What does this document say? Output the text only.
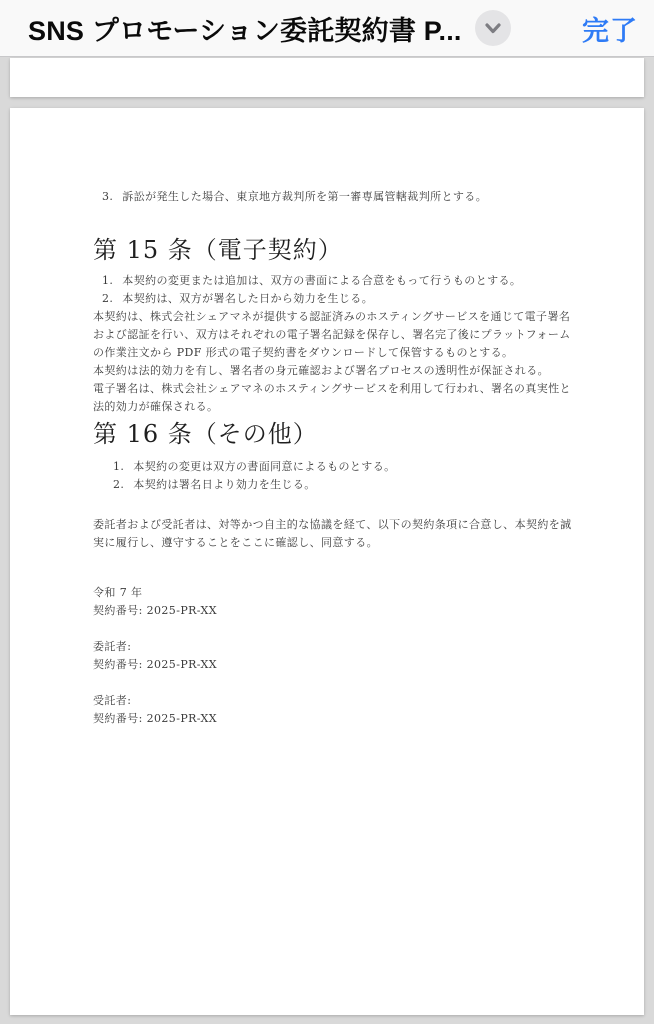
SNS プロモーション委託契約書 P...	完了
3. 訴訟が発生した場合、東京地方裁判所を第一審専属管轄裁判所とする。
第 15 条（電子契約）
1. 本契約の変更または追加は、双方の書面による合意をもって行うものとする。
2. 本契約は、双方が署名した日から効力を生じる。

本契約は、株式会社シェアマネが提供する認証済みのホスティングサービスを通じて電子署名および認証を行い、双方はそれぞれの電子署名記録を保存し、署名完了後にプラットフォームの作業注文から PDF 形式の電子契約書をダウンロードして保管するものとする。

本契約は法的効力を有し、署名者の身元確認および署名プロセスの透明性が保証される。

電子署名は、株式会社シェアマネのホスティングサービスを利用して行われ、署名の真実性と法的効力が確保される。

第 16 条（その他）
1. 本契約の変更は双方の書面同意によるものとする。
2. 本契約は署名日より効力を生じる。

委託者および受託者は、対等かつ自主的な協議を経て、以下の契約条項に合意し、本契約を誠実に履行し、遵守することをここに確認し、同意する。

令和 7 年
契約番号: 2025-PR-XX
委託者:
契約番号: 2025-PR-XX
受託者:
契約番号: 2025-PR-XX
